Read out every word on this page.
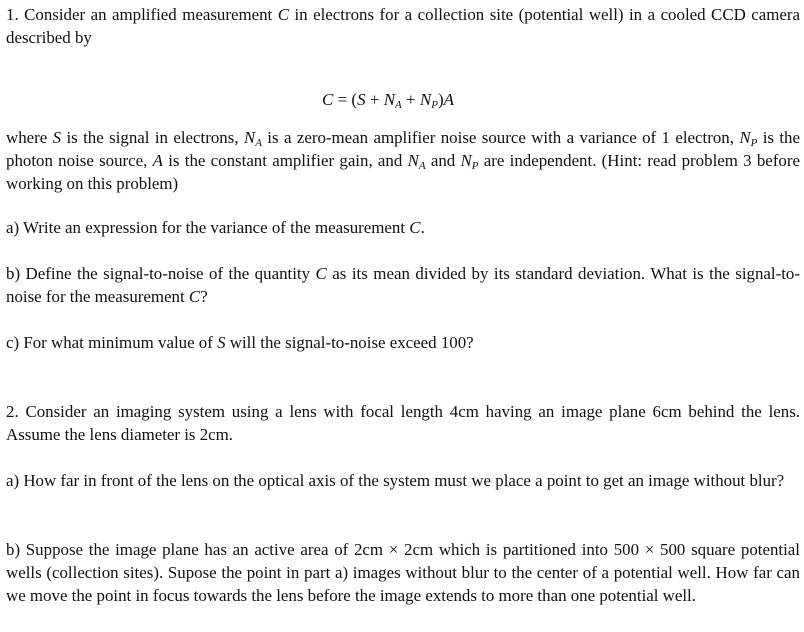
1. Consider an amplified measurement C in electrons for a collection site (potential well) in a cooled CCD camera described by

$C = (S + N_A + N_P)A$

where S is the signal in electrons, $N_A$ is a zero-mean amplifier noise source with a variance of 1 electron, $N_P$ is the photon noise source, A is the constant amplifier gain, and $N_A$ and $N_P$ are independent. (Hint: read problem 3 before working on this problem)

a) Write an expression for the variance of the measurement C.

b) Define the signal-to-noise of the quantity C as its mean divided by its standard deviation. What is the signal-to-noise for the measurement C?

c) For what minimum value of S will the signal-to-noise exceed 100?

2. Consider an imaging system using a lens with focal length 4cm having an image plane 6cm behind the lens. Assume the lens diameter is 2cm.

a) How far in front of the lens on the optical axis of the system must we place a point to get an image without blur?

b) Suppose the image plane has an active area of 2cm × 2cm which is partitioned into 500 × 500 square potential wells (collection sites). Supose the point in part a) images without blur to the center of a potential well. How far can we move the point in focus towards the lens before the image extends to more than one potential well.
